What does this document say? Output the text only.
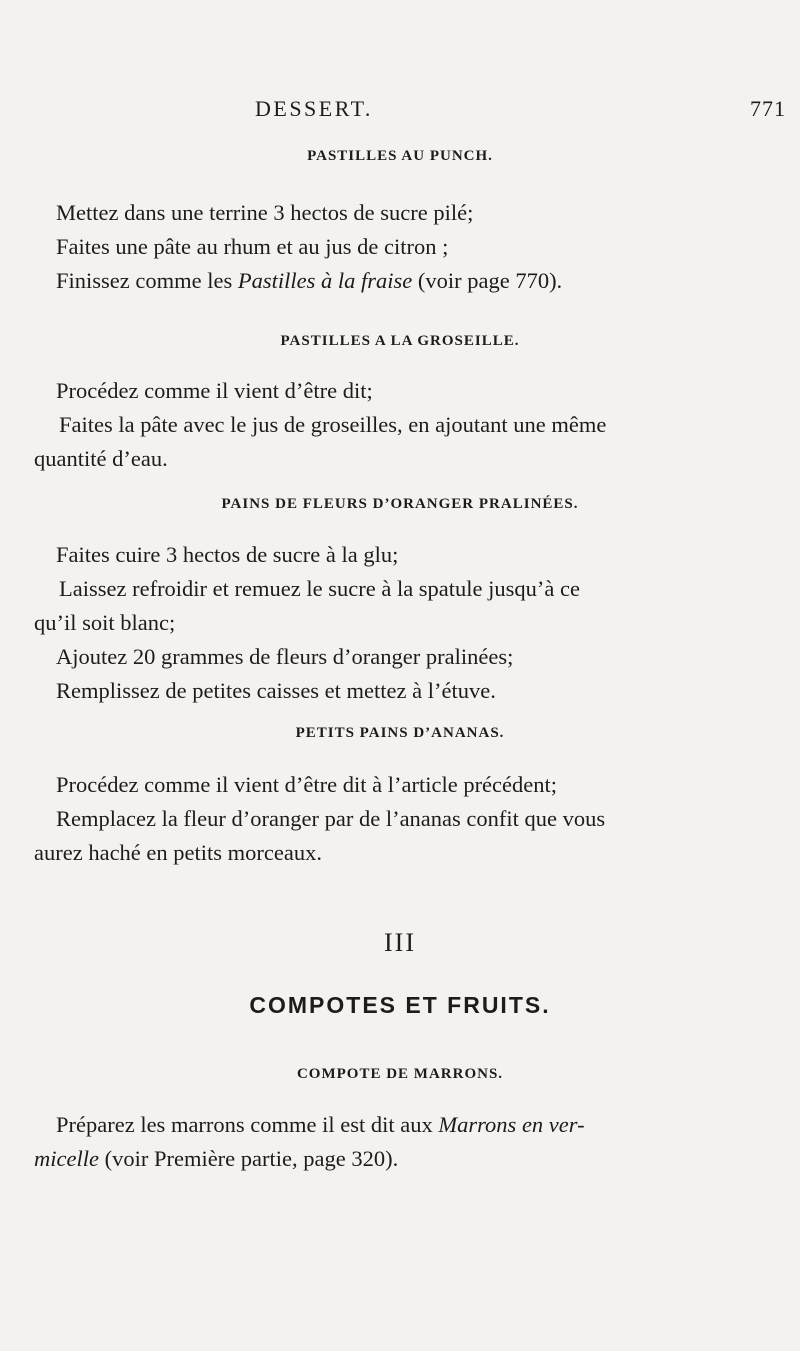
DESSERT.	771
PASTILLES AU PUNCH.

Mettez dans une terrine 3 hectos de sucre pilé;

Faites une pâte au rhum et au jus de citron ;

Finissez comme les Pastilles à la fraise (voir page 770).

PASTILLES A LA GROSEILLE.

Procédez comme il vient d’être dit;

Faites la pâte avec le jus de groseilles, en ajoutant une même

quantité d’eau.

PAINS DE FLEURS D’ORANGER PRALINÉES.

Faites cuire 3 hectos de sucre à la glu;

Laissez refroidir et remuez le sucre à la spatule jusqu’à ce

qu’il soit blanc;

Ajoutez 20 grammes de fleurs d’oranger pralinées;

Remplissez de petites caisses et mettez à l’étuve.

PETITS PAINS D’ANANAS.

Procédez comme il vient d’être dit à l’article précédent;

Remplacez la fleur d’oranger par de l’ananas confit que vous

aurez haché en petits morceaux.

III
COMPOTES ET FRUITS.
COMPOTE DE MARRONS.

Préparez les marrons comme il est dit aux Marrons en ver-

micelle (voir Première partie, page 320).
